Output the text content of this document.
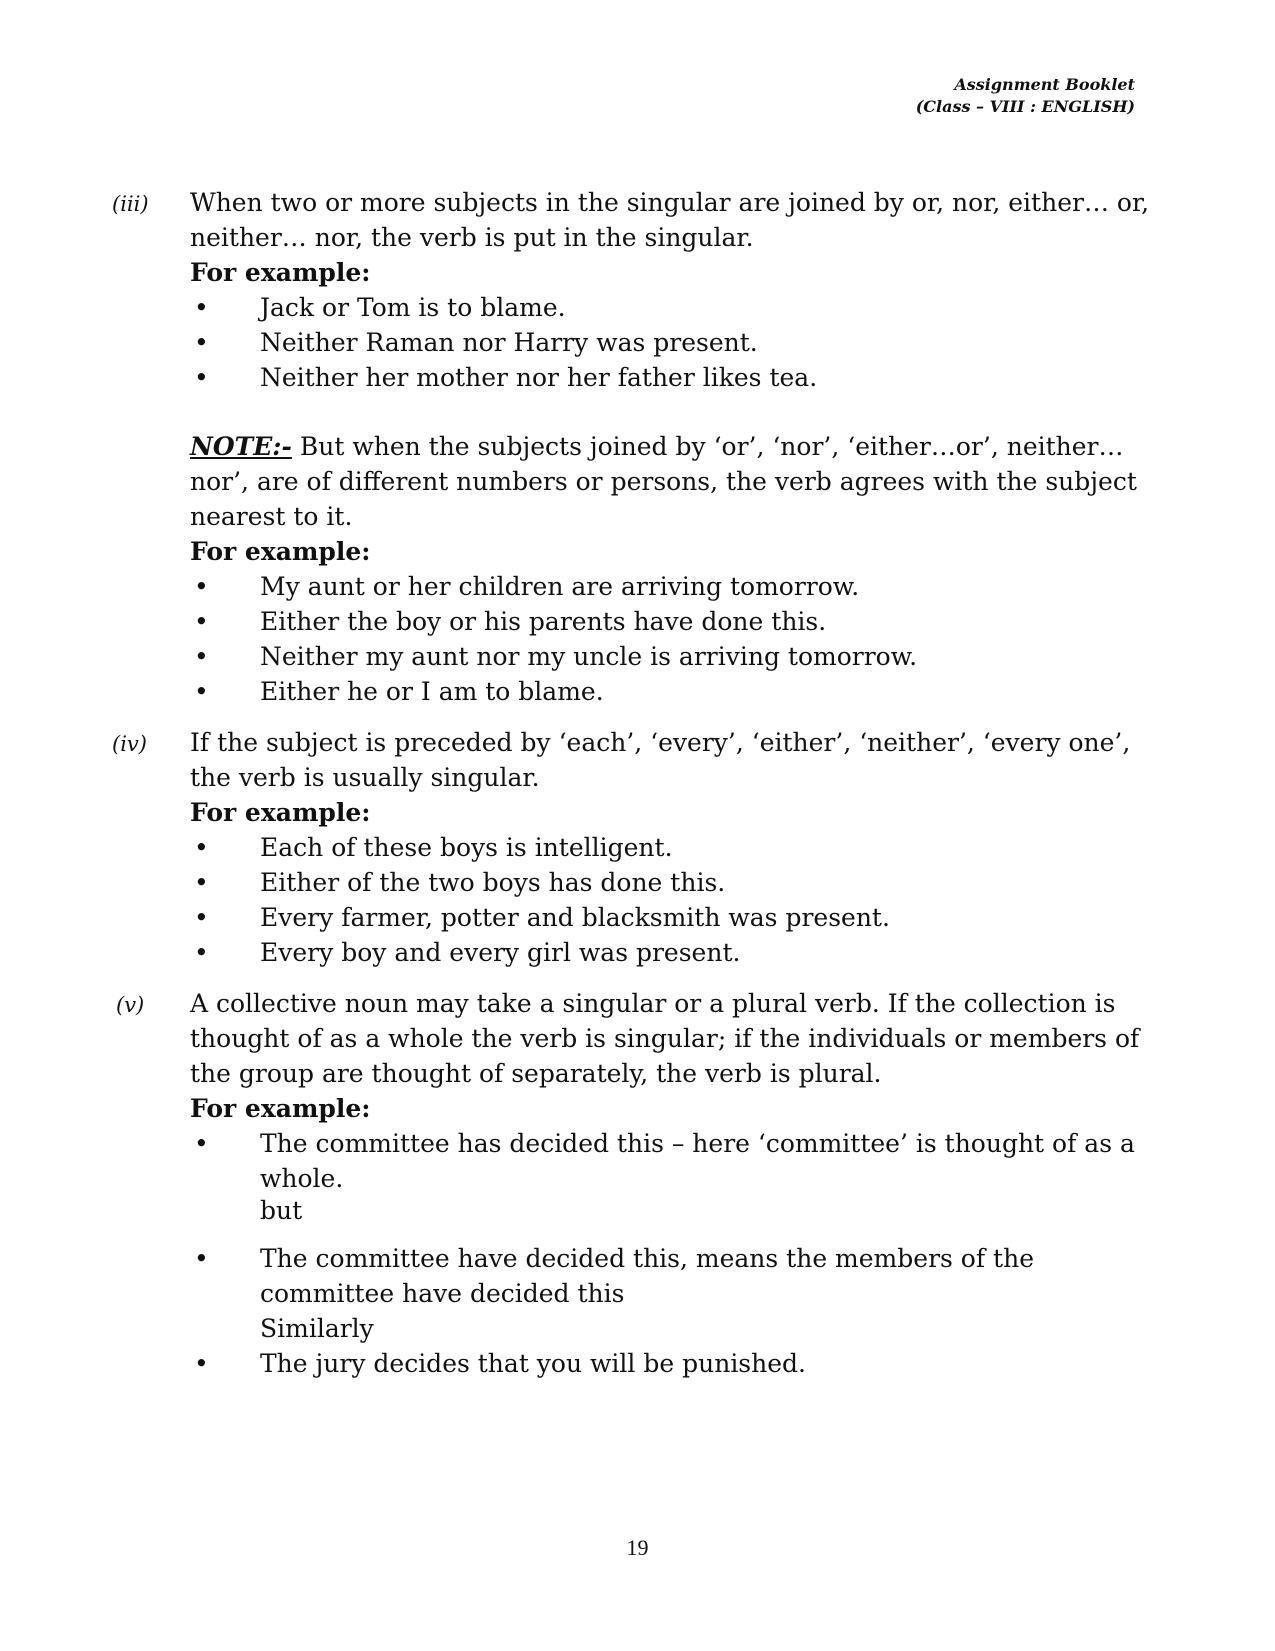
Assignment Booklet
(Class – VIII : ENGLISH)
(iii) When two or more subjects in the singular are joined by or, nor, either… or, neither… nor, the verb is put in the singular.

For example:

• Jack or Tom is to blame.
• Neither Raman nor Harry was present.
• Neither her mother nor her father likes tea.

NOTE:- But when the subjects joined by ‘or’, ‘nor’, ‘either…or’, neither…nor’, are of different numbers or persons, the verb agrees with the subject nearest to it.

For example:

• My aunt or her children are arriving tomorrow.
• Either the boy or his parents have done this.
• Neither my aunt nor my uncle is arriving tomorrow.
• Either he or I am to blame.
(iv) If the subject is preceded by ‘each’, ‘every’, ‘either’, ‘neither’, ‘every one’, the verb is usually singular.

For example:

• Each of these boys is intelligent.
• Either of the two boys has done this.
• Every farmer, potter and blacksmith was present.
• Every boy and every girl was present.
(v) A collective noun may take a singular or a plural verb. If the collection is thought of as a whole the verb is singular; if the individuals or members of the group are thought of separately, the verb is plural.

For example:

• The committee has decided this – here ‘committee’ is thought of as a whole.
but
• The committee have decided this, means the members of the committee have decided this
Similarly
• The jury decides that you will be punished.
19
